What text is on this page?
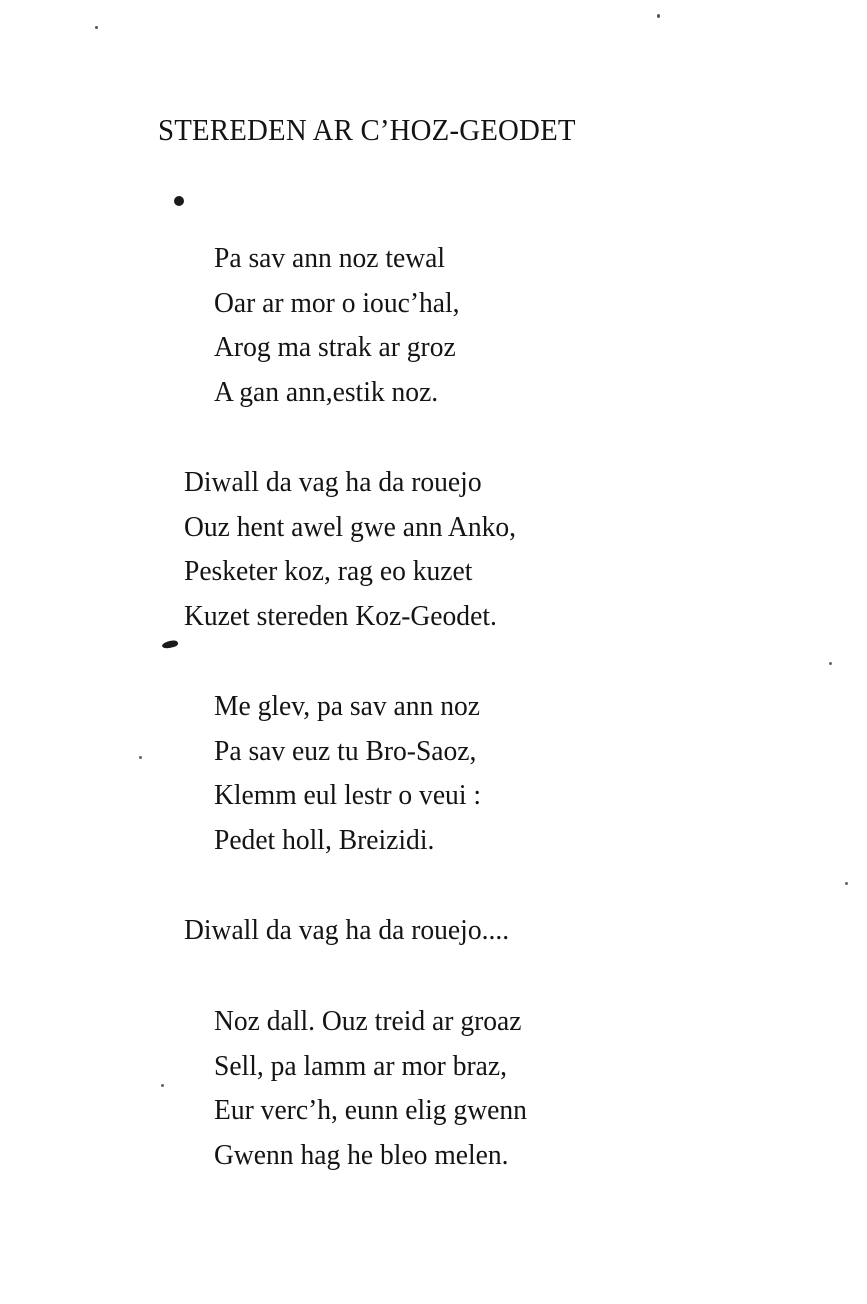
STEREDEN AR C’HOZ-GEODET
Pa sav ann noz tewal
Oar ar mor o iouc’hal,
Arog ma strak ar groz
A gan ann,estik noz.
Diwall da vag ha da rouejo
Ouz hent awel gwe ann Anko,
Pesketer koz, rag eo kuzet
Kuzet stereden Koz-Geodet.
Me glev, pa sav ann noz
Pa sav euz tu Bro-Saoz,
Klemm eul lestr o veui :
Pedet holl, Breizidi.
Diwall da vag ha da rouejo....
Noz dall. Ouz treid ar groaz
Sell, pa lamm ar mor braz,
Eur verc’h, eunn elig gwenn
Gwenn hag he bleo melen.
